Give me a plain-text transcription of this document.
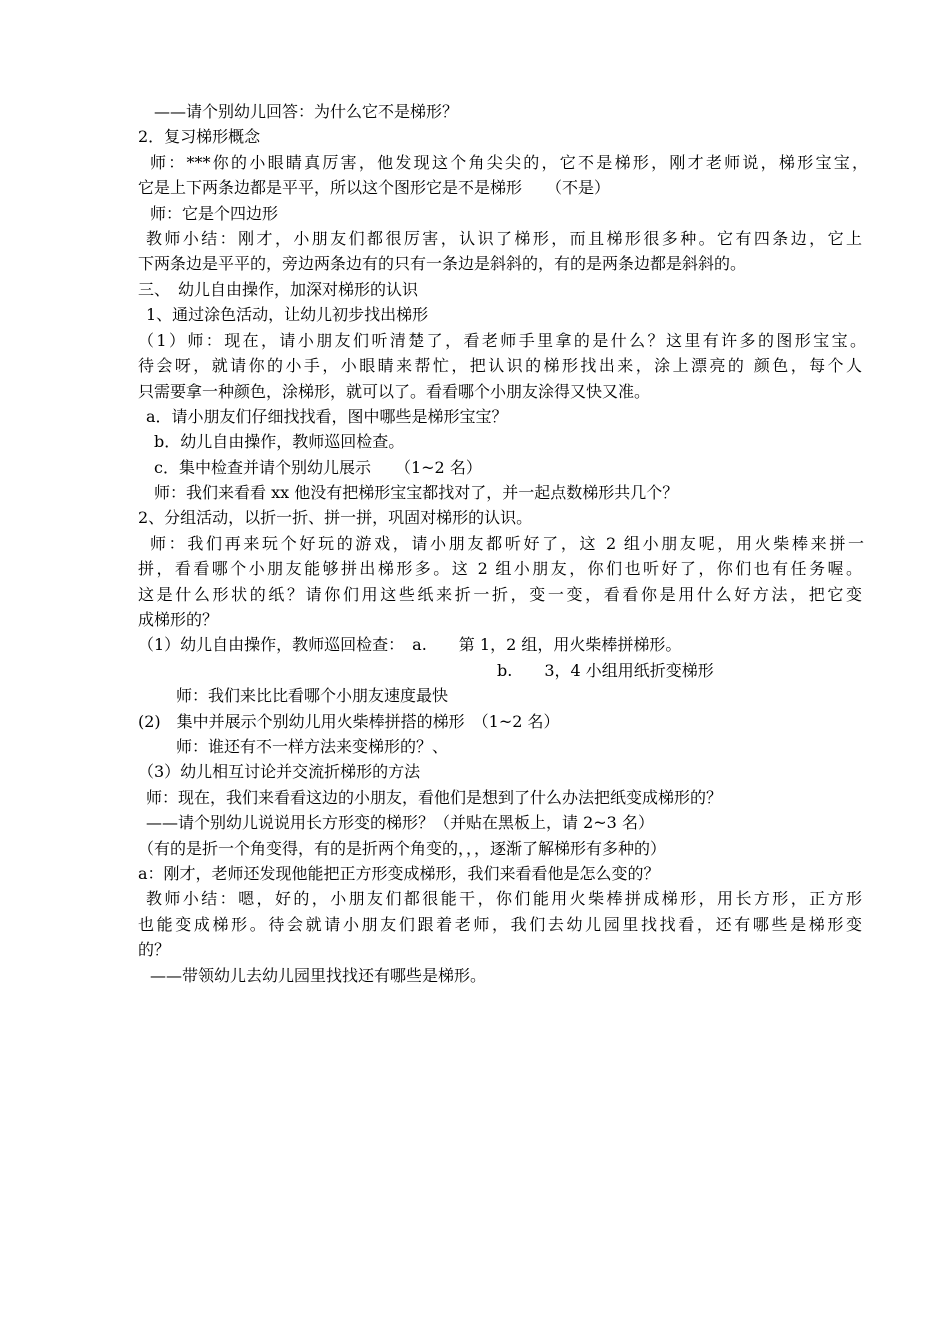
——请个别幼儿回答：为什么它不是梯形？
2．复习梯形概念
师：***你的小眼睛真厉害，他发现这个角尖尖的，它不是梯形，刚才老师说，梯形宝宝，
它是上下两条边都是平平，所以这个图形它是不是梯形　　（不是）
师：它是个四边形
教师小结：刚才，小朋友们都很厉害，认识了梯形，而且梯形很多种。它有四条边，它上
下两条边是平平的，旁边两条边有的只有一条边是斜斜的，有的是两条边都是斜斜的。
三、　幼儿自由操作，加深对梯形的认识
1、通过涂色活动，让幼儿初步找出梯形
（1）师：现在，请小朋友们听清楚了，看老师手里拿的是什么？这里有许多的图形宝宝。
待会呀，就请你的小手，小眼睛来帮忙，把认识的梯形找出来，涂上漂亮的 颜色，每个人
只需要拿一种颜色，涂梯形，就可以了。看看哪个小朋友涂得又快又准。
a．请小朋友们仔细找找看，图中哪些是梯形宝宝？
b．幼儿自由操作，教师巡回检查。
c．集中检查并请个别幼儿展示　　（1~2 名）
师：我们来看看 xx 他没有把梯形宝宝都找对了，并一起点数梯形共几个？
2、分组活动，以折一折、拼一拼，巩固对梯形的认识。
师：我们再来玩个好玩的游戏，请小朋友都听好了，这 2 组小朋友呢，用火柴棒来拼一
拼，看看哪个小朋友能够拼出梯形多。这 2 组小朋友，你们也听好了，你们也有任务喔。
这是什么形状的纸？请你们用这些纸来折一折，变一变，看看你是用什么好方法，把它变
成梯形的？
（1）幼儿自由操作，教师巡回检查：　a.　　第 1，2 组，用火柴棒拼梯形。
b.　　3，4 小组用纸折变梯形
师：我们来比比看哪个小朋友速度最快
(2)　集中并展示个别幼儿用火柴棒拼搭的梯形　（1~2 名）
师：谁还有不一样方法来变梯形的？、
（3）幼儿相互讨论并交流折梯形的方法
师：现在，我们来看看这边的小朋友，看他们是想到了什么办法把纸变成梯形的？
——请个别幼儿说说用长方形变的梯形？（并贴在黑板上，请 2~3 名）
（有的是折一个角变得，有的是折两个角变的，，，逐渐了解梯形有多种的）
a：刚才，老师还发现他能把正方形变成梯形，我们来看看他是怎么变的？
教师小结：嗯，好的，小朋友们都很能干，你们能用火柴棒拼成梯形，用长方形，正方形
也能变成梯形。待会就请小朋友们跟着老师，我们去幼儿园里找找看，还有哪些是梯形变
的？
——带领幼儿去幼儿园里找找还有哪些是梯形。
